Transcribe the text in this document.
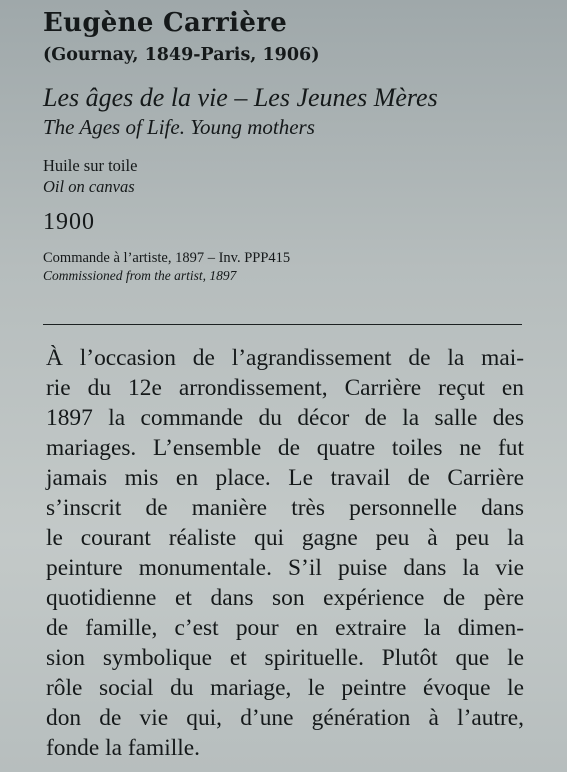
Eugène Carrière

(Gournay, 1849-Paris, 1906)

Les âges de la vie – Les Jeunes Mères

The Ages of Life. Young mothers

Huile sur toile

Oil on canvas

1900

Commande à l’artiste, 1897 – Inv. PPP415

Commissioned from the artist, 1897

À l’occasion de l’agrandissement de la mai-
rie du 12e arrondissement, Carrière reçut en
1897 la commande du décor de la salle des
mariages. L’ensemble de quatre toiles ne fut
jamais mis en place. Le travail de Carrière
s’inscrit de manière très personnelle dans
le courant réaliste qui gagne peu à peu la
peinture monumentale. S’il puise dans la vie
quotidienne et dans son expérience de père
de famille, c’est pour en extraire la dimen-
sion symbolique et spirituelle. Plutôt que le
rôle social du mariage, le peintre évoque le
don de vie qui, d’une génération à l’autre,
fonde la famille.
